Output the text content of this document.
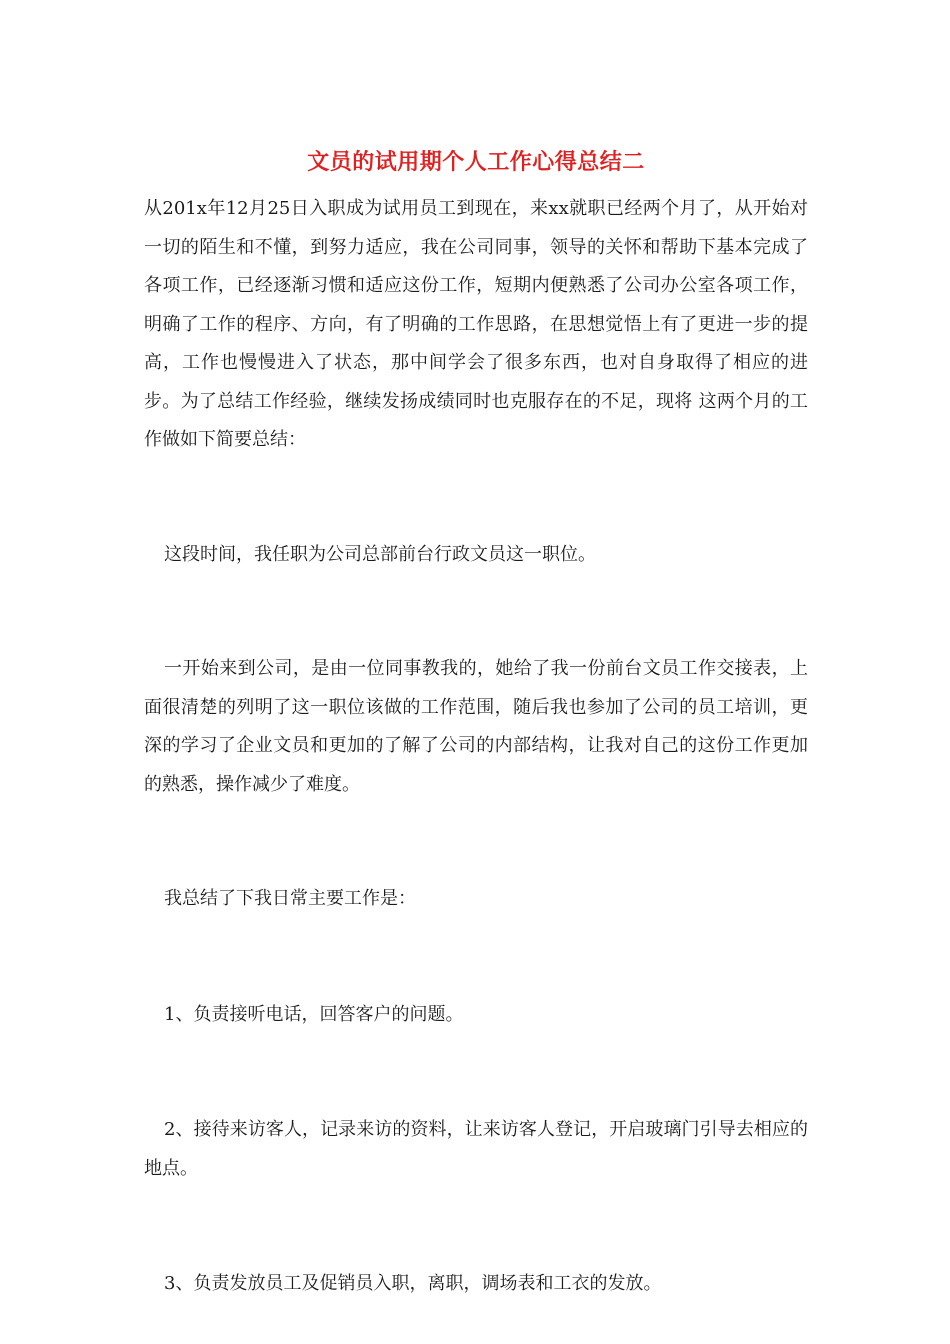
文员的试用期个人工作心得总结二

从201x年12月25日入职成为试用员工到现在，来xx就职已经两个月了，从开始对一切的陌生和不懂，到努力适应，我在公司同事，领导的关怀和帮助下基本完成了各项工作，已经逐渐习惯和适应这份工作，短期内便熟悉了公司办公室各项工作，明确了工作的程序、方向，有了明确的工作思路，在思想觉悟上有了更进一步的提高，工作也慢慢进入了状态，那中间学会了很多东西，也对自身取得了相应的进步。为了总结工作经验，继续发扬成绩同时也克服存在的不足，现将 这两个月的工作做如下简要总结：

这段时间，我任职为公司总部前台行政文员这一职位。

一开始来到公司，是由一位同事教我的，她给了我一份前台文员工作交接表，上面很清楚的列明了这一职位该做的工作范围，随后我也参加了公司的员工培训，更深的学习了企业文员和更加的了解了公司的内部结构，让我对自己的这份工作更加的熟悉，操作减少了难度。

我总结了下我日常主要工作是：

1、负责接听电话，回答客户的问题。

2、接待来访客人，记录来访的资料，让来访客人登记，开启玻璃门引导去相应的地点。

3、负责发放员工及促销员入职，离职，调场表和工衣的发放。
